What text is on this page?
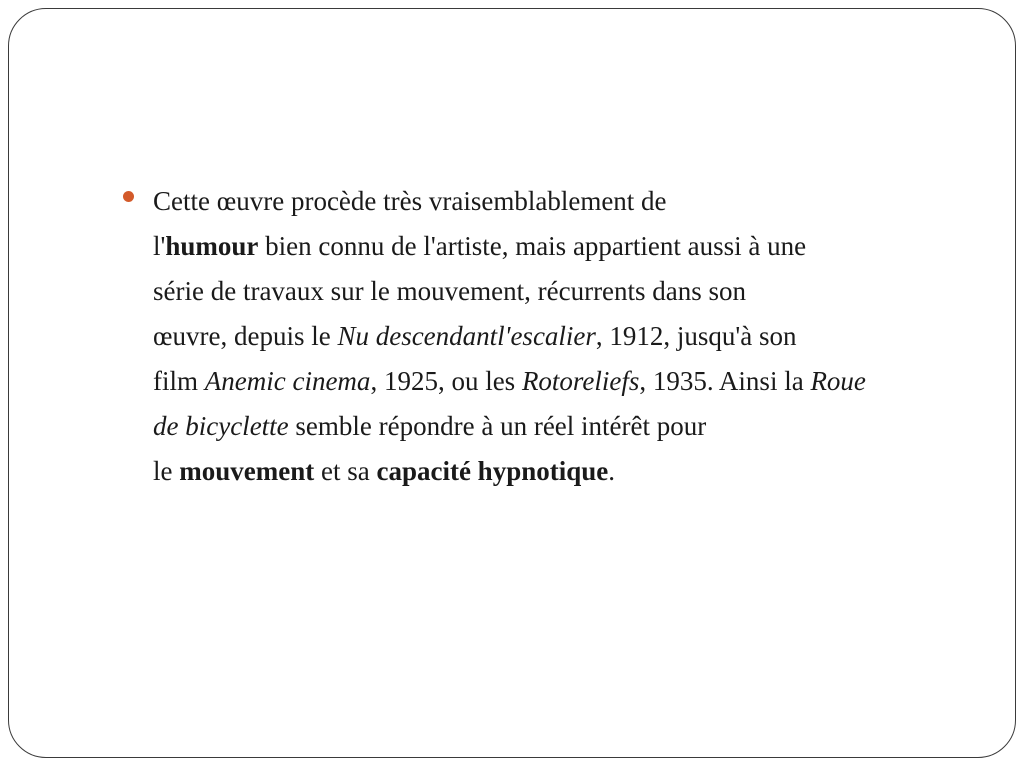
Cette œuvre procède très vraisemblablement de
l'humour bien connu de l'artiste, mais appartient aussi à une
série de travaux sur le mouvement, récurrents dans son
œuvre, depuis le Nu descendantl'escalier, 1912, jusqu'à son
film Anemic cinema, 1925, ou les Rotoreliefs, 1935. Ainsi la Roue
de bicyclette semble répondre à un réel intérêt pour
le mouvement et sa capacité hypnotique.
